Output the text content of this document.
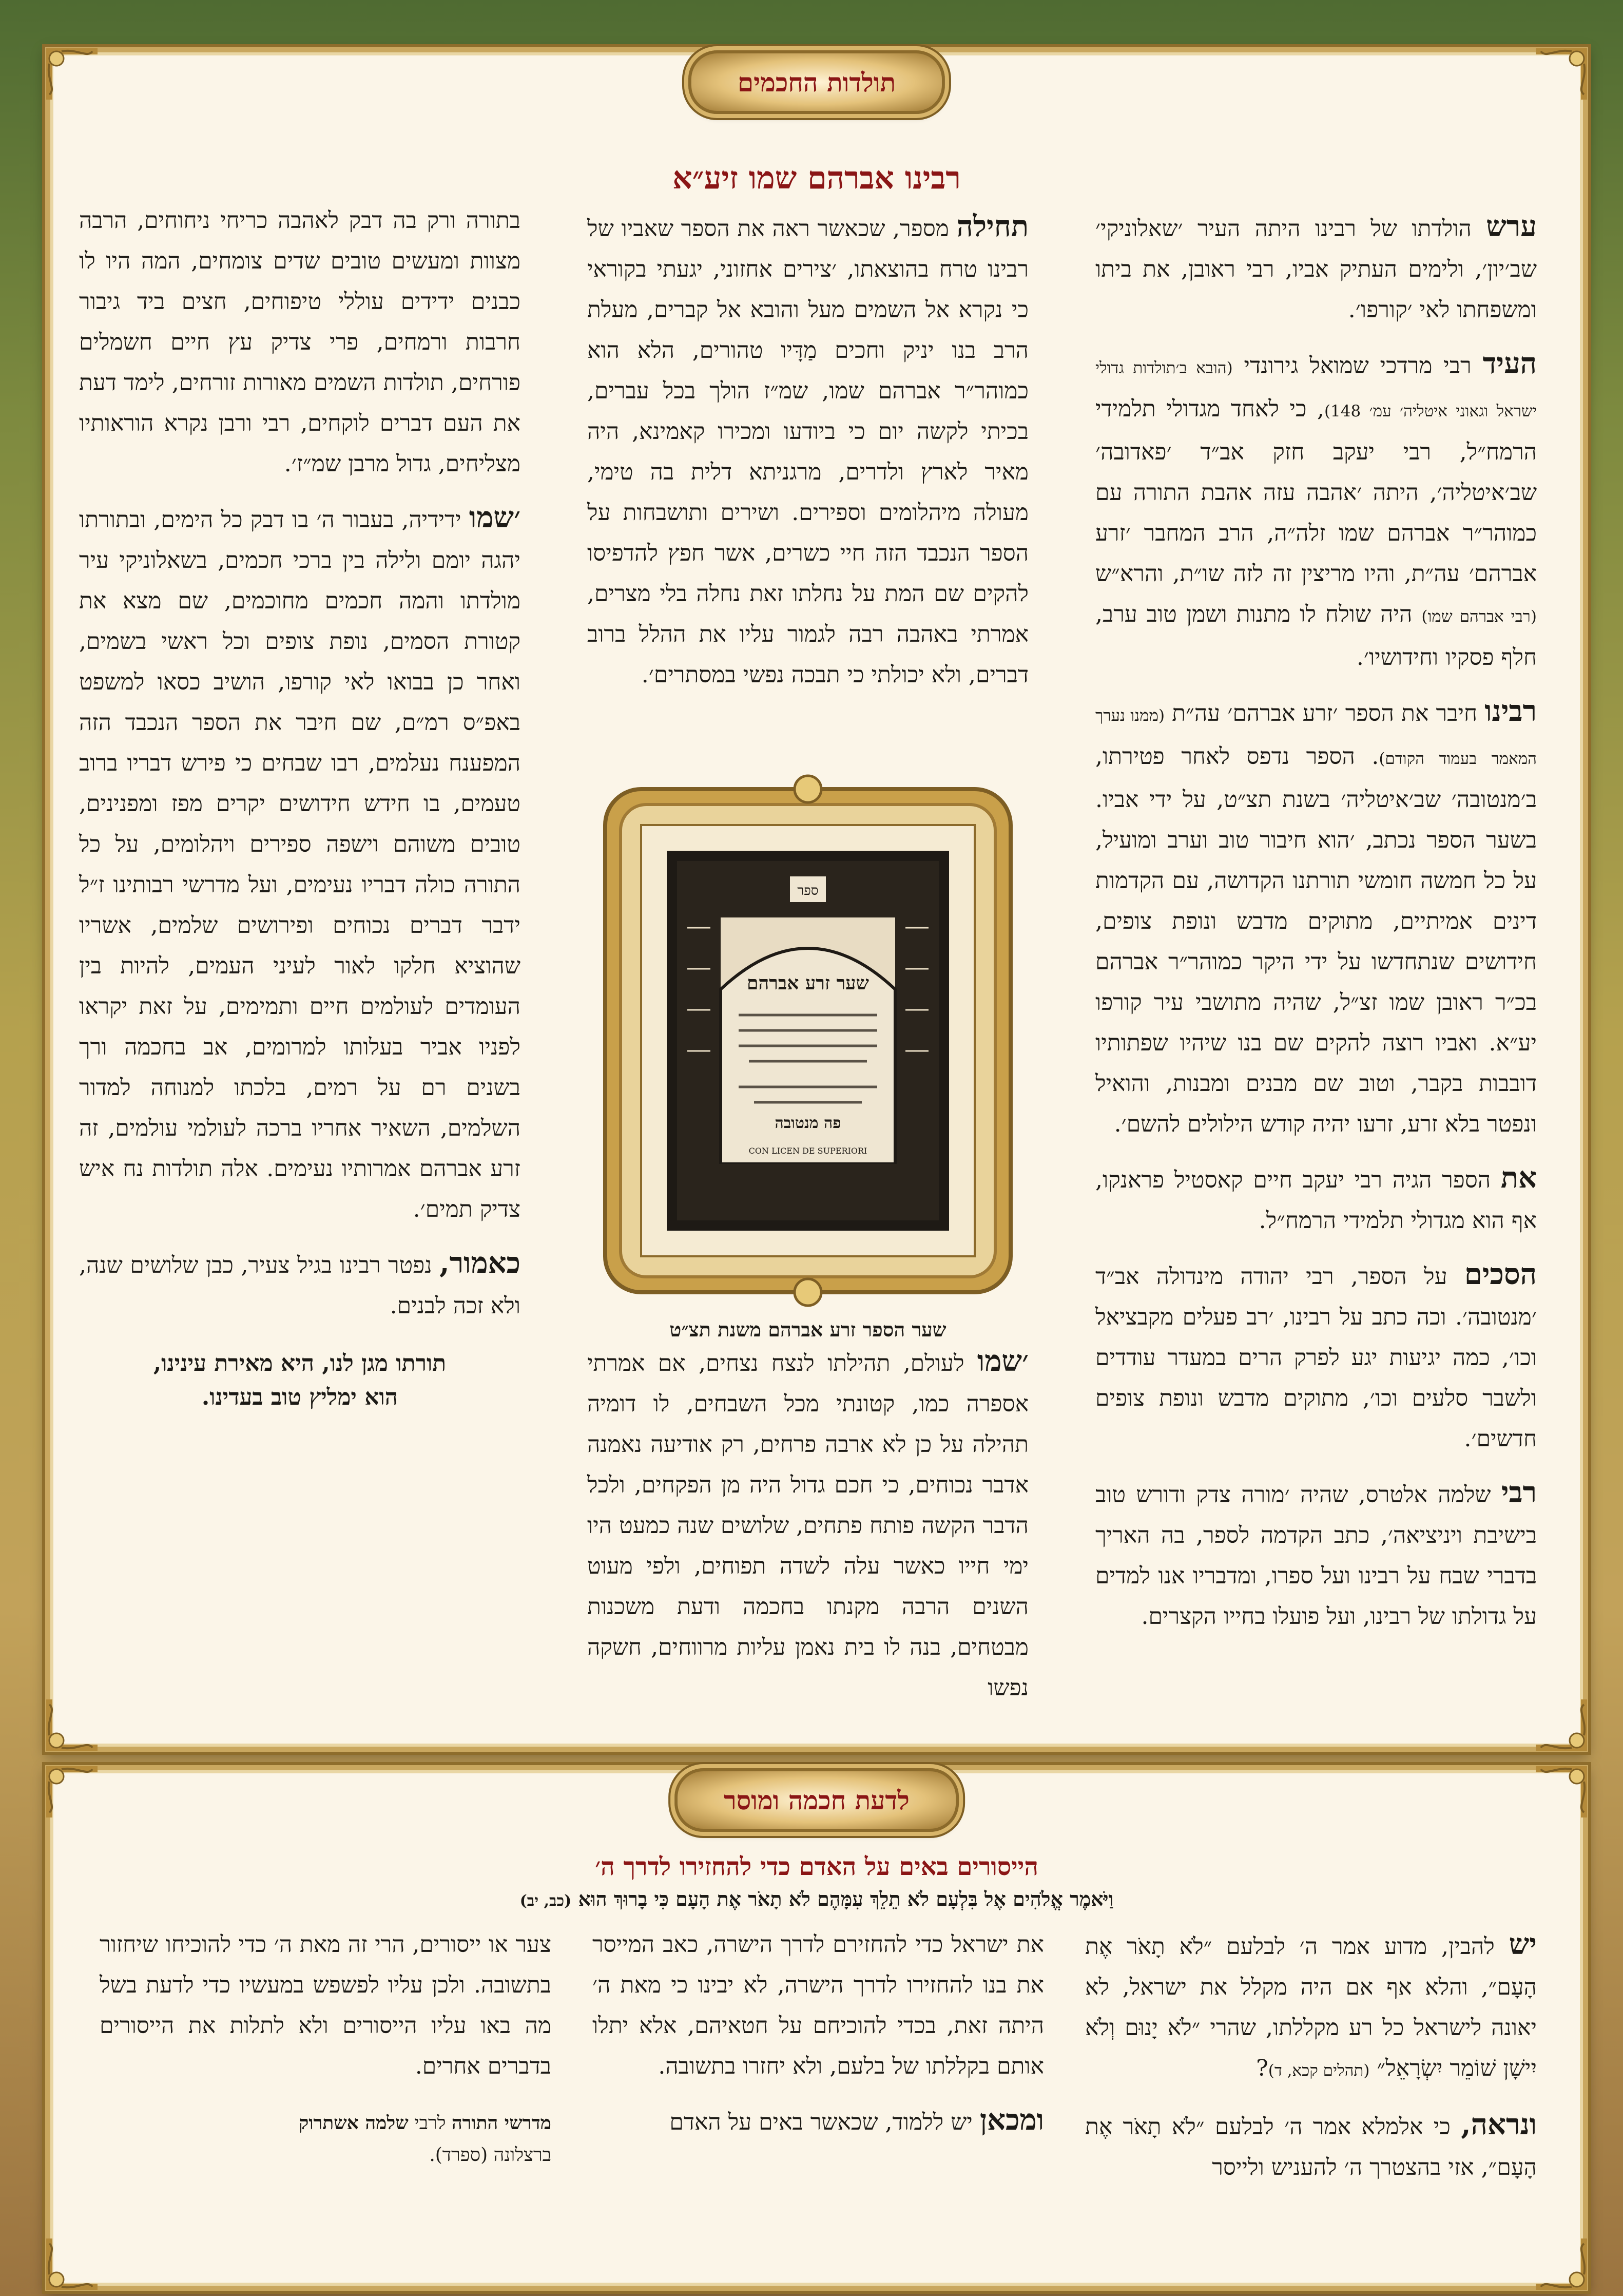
תולדות החכמים
רבינו אברהם שמו זיע״א

ערש הולדתו של רבינו היתה העיר ׳שאלוניקי׳ שב׳יון׳, ולימים העתיק אביו, רבי ראובן, את ביתו ומשפחתו לאי ׳קורפו׳.

העיד רבי מרדכי שמואל גירונדי (הובא ב׳תולדות גדולי ישראל וגאוני איטליה׳ עמ׳ 148), כי לאחד מגדולי תלמידי הרמח״ל, רבי יעקב חזק אב״ד ׳פאדובה׳ שב׳איטליה׳, היתה ׳אהבה עזה אהבת התורה עם כמוהר״ר אברהם שמו זלה״ה, הרב המחבר ׳זרע אברהם׳ עה״ת, והיו מריצין זה לזה שו״ת, והרא״ש (רבי אברהם שמו) היה שולח לו מתנות ושמן טוב ערב, חלף פסקיו וחידושיו׳.

רבינו חיבר את הספר ׳זרע אברהם׳ עה״ת (ממנו נערך המאמר בעמוד הקודם). הספר נדפס לאחר פטירתו, ב׳מנטובה׳ שב׳איטליה׳ בשנת תצ״ט, על ידי אביו. בשער הספר נכתב, ׳הוא חיבור טוב וערב ומועיל, על כל חמשה חומשי תורתנו הקדושה, עם הקדמות דינים אמיתיים, מתוקים מדבש ונופת צופים, חידושים שנתחדשו על ידי היקר כמוהר״ר אברהם בכ״ר ראובן שמו זצ״ל, שהיה מתושבי עיר קורפו יע״א. ואביו רוצה להקים שם בנו שיהיו שפתותיו דובבות בקבר, וטוב שם מבנים ומבנות, והואיל ונפטר בלא זרע, זרעו יהיה קודש הילולים להשם׳.

את הספר הגיה רבי יעקב חיים קאסטיל פראנקו, אף הוא מגדולי תלמידי הרמח״ל.

הסכים על הספר, רבי יהודה מינדולה אב״ד ׳מנטובה׳. וכה כתב על רבינו, ׳רב פעלים מקבציאל וכו׳, כמה יגיעות יגע לפרק הרים במעדר עודדים ולשבר סלעים וכו׳, מתוקים מדבש ונופת צופים חדשים׳.

רבי שלמה אלטרס, שהיה ׳מורה צדק ודורש טוב בישיבת ויניציאה׳, כתב הקדמה לספר, בה האריך בדברי שבח על רבינו ועל ספרו, ומדבריו אנו למדים על גדולתו של רבינו, ועל פועלו בחייו הקצרים.

תחילה מספר, שכאשר ראה את הספר שאביו של רבינו טרח בהוצאתו, ׳צירים אחזוני, יגעתי בקוראי כי נקרא אל השמים מעל והובא אל קברים, מעלת הרב בנו יניק וחכים מַדָּיו טהורים, הלא הוא כמוהר״ר אברהם שמו, שמ״ז הולך בכל עברים, בכיתי לקשה יום כי ביודעו ומכירו קאמינא, היה מאיר לארץ ולדרים, מרגניתא דלית בה טימי, מעולה מיהלומים וספירים. ושירים ותושבחות על הספר הנכבד הזה חיי כשרים, אשר חפץ להדפיסו להקים שם המת על נחלתו זאת נחלה בלי מצרים, אמרתי באהבה רבה לגמור עליו את ההלל ברוב דברים, ולא יכולתי כי תבכה נפשי במסתרים׳.

ספר
שער זרע אברהם
פה מנטובה
CON LICEN DE SUPERIORI
שער הספר זרע אברהם משנת תצ״ט

׳שמו לעולם, תהילתו לנצח נצחים, אם אמרתי אספרה כמו, קטונתי מכל השבחים, לו דומיה תהילה על כן לא ארבה פרחים, רק אודיעה נאמנה אדבר נכוחים, כי חכם גדול היה מן הפקחים, ולכל הדבר הקשה פותח פתחים, שלושים שנה כמעט היו ימי חייו כאשר עלה לשדה תפוחים, ולפי מעוט השנים הרבה מקנתו בחכמה ודעת משכנות מבטחים, בנה לו בית נאמן עליות מרווחים, חשקה נפשו

בתורה ורק בה דבק לאהבה כריחי ניחוחים, הרבה מצוות ומעשים טובים שדים צומחים, המה היו לו כבנים ידידים עוללי טיפוחים, חצים ביד גיבור חרבות ורמחים, פרי צדיק עץ חיים חשמלים פורחים, תולדות השמים מאורות זורחים, לימד דעת את העם דברים לוקחים, רבי ורבן נקרא הוראותיו מצליחים, גדול מרבן שמ״ז׳.

׳שמו ידידיה, בעבור ה׳ בו דבק כל הימים, ובתורתו יהגה יומם ולילה בין ברכי חכמים, בשאלוניקי עיר מולדתו והמה חכמים מחוכמים, שם מצא את קטורת הסמים, נופת צופים וכל ראשי בשמים, ואחר כן בבואו לאי קורפו, הושיב כסאו למשפט באפ״ס רמ״ם, שם חיבר את הספר הנכבד הזה המפענח נעלמים, רבו שבחים כי פירש דבריו ברוב טעמים, בו חידש חידושים יקרים מפז ומפנינים, טובים משוהם וישפה ספירים ויהלומים, על כל התורה כולה דבריו נעימים, ועל מדרשי רבותינו ז״ל ידבר דברים נכוחים ופירושים שלמים, אשריו שהוציא חלקו לאור לעיני העמים, להיות בין העומדים לעולמים חיים ותמימים, על זאת יקראו לפניו אביר בעלותו למרומים, אב בחכמה ורך בשנים רם על רמים, בלכתו למנוחה למדור השלמים, השאיר אחריו ברכה לעולמי עולמים, זה זרע אברהם אמרותיו נעימים. אלה תולדות נח איש צדיק תמים׳.

כאמור, נפטר רבינו בגיל צעיר, כבן שלושים שנה, ולא זכה לבנים.

תורתו מגן לנו, היא מאירת עינינו,
הוא ימליץ טוב בעדינו.

לדעת חכמה ומוסר
הייסורים באים על האדם כדי להחזירו לדרך ה׳
וַיֹּאמֶר אֱלֹהִים אֶל בִּלְעָם לֹא תֵלֵךְ עִמָּהֶם לֹא תָאֹר אֶת הָעָם כִּי בָרוּךְ הוּא (כב, יב)

יש להבין, מדוע אמר ה׳ לבלעם ״לֹא תָאֹר אֶת הָעָם״, והלא אף אם היה מקלל את ישראל, לא יאונה לישראל כל רע מקללתו, שהרי ״לֹא יָנוּם וְלֹא יִישָׁן שׁוֹמֵר יִשְׂרָאֵל״ (תהלים קכא, ד)?

ונראה, כי אלמלא אמר ה׳ לבלעם ״לֹא תָאֹר אֶת הָעָם״, אזי בהצטרך ה׳ להעניש ולייסר

את ישראל כדי להחזירם לדרך הישרה, כאב המייסר את בנו להחזירו לדרך הישרה, לא יבינו כי מאת ה׳ היתה זאת, בכדי להוכיחם על חטאיהם, אלא יתלו אותם בקללתו של בלעם, ולא יחזרו בתשובה.

ומכאן יש ללמוד, שכאשר באים על האדם

צער או ייסורים, הרי זה מאת ה׳ כדי להוכיחו שיחזור בתשובה. ולכן עליו לפשפש במעשיו כדי לדעת בשל מה באו עליו הייסורים ולא לתלות את הייסורים בדברים אחרים.

מדרשי התורה לרבי שלמה אשתרוק
ברצלונה (ספרד).
